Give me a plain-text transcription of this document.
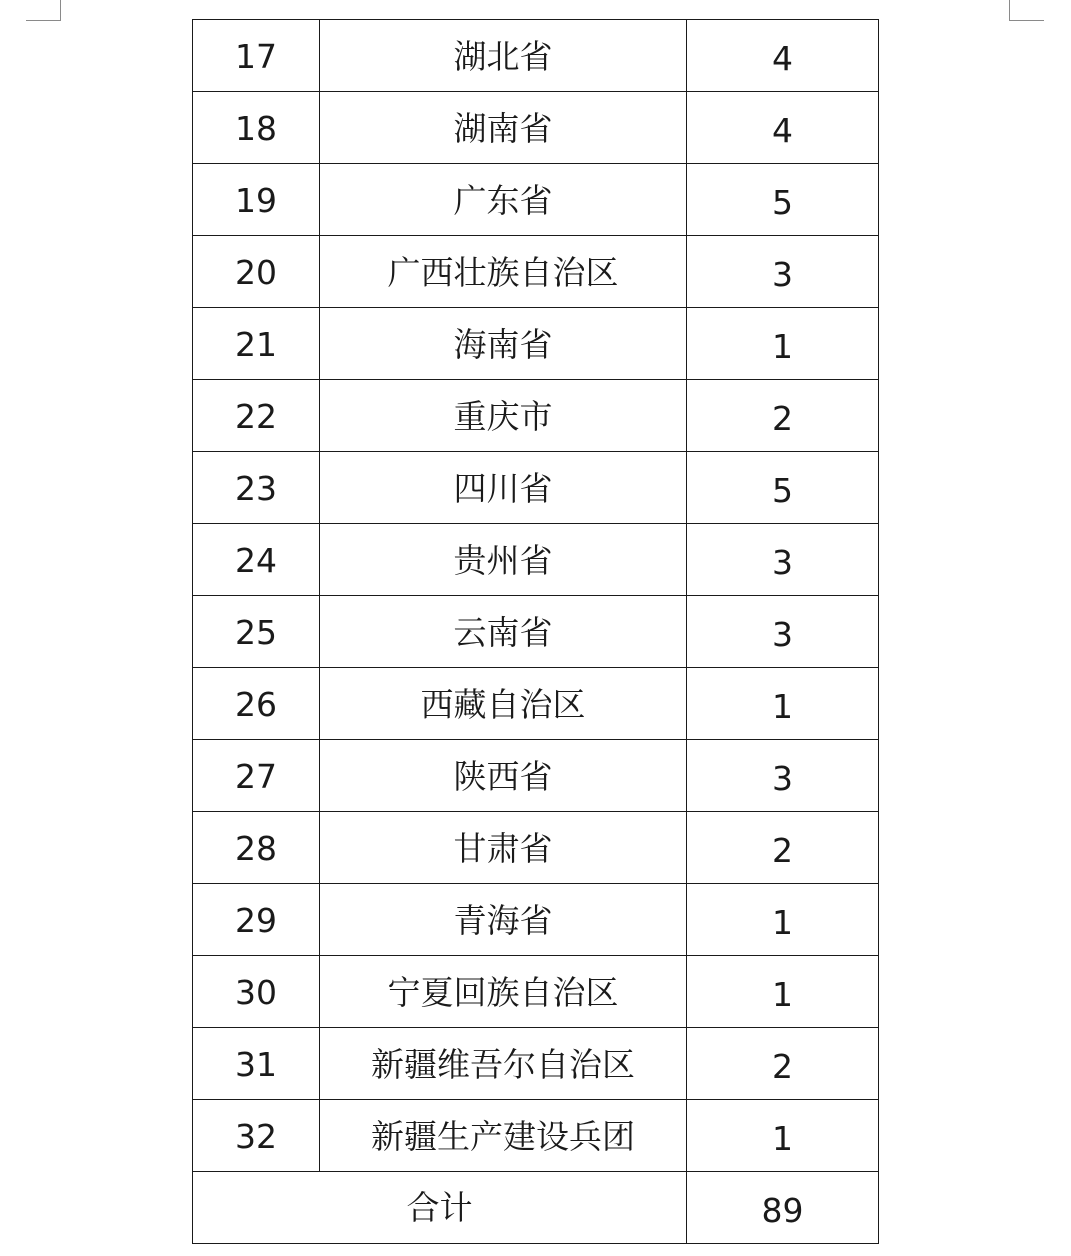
17	湖北省	4
18	湖南省	4
19	广东省	5
20	广西壮族自治区	3
21	海南省	1
22	重庆市	2
23	四川省	5
24	贵州省	3
25	云南省	3
26	西藏自治区	1
27	陕西省	3
28	甘肃省	2
29	青海省	1
30	宁夏回族自治区	1
31	新疆维吾尔自治区	2
32	新疆生产建设兵团	1
合计		89
